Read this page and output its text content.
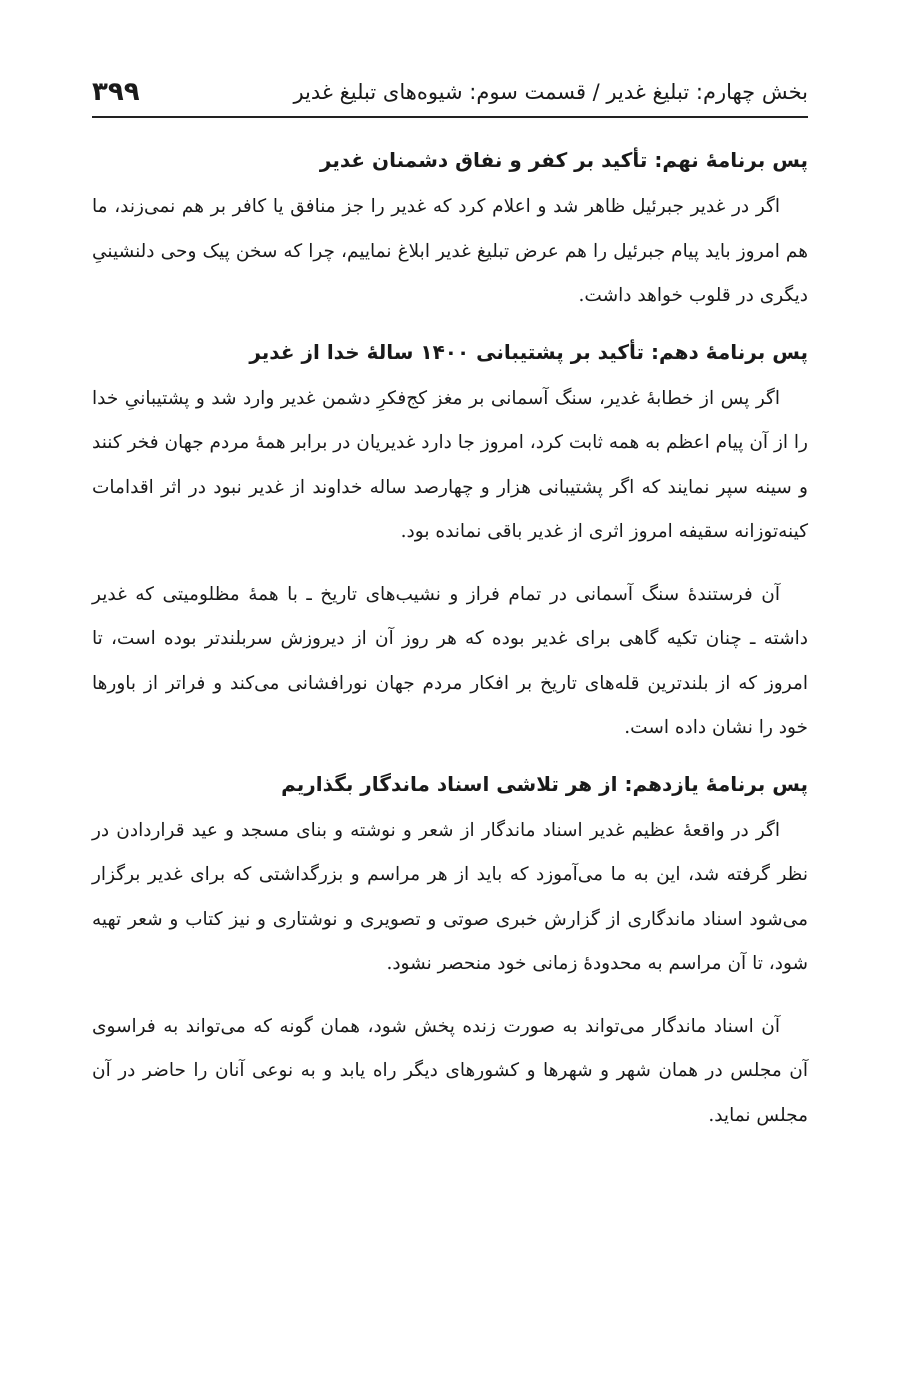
بخش چهارم: تبلیغ غدیر / قسمت سوم: شیوه‌های تبلیغ غدیر
۳۹۹
پس برنامهٔ نهم: تأکید بر کفر و نفاق دشمنان غدیر

اگر در غدیر جبرئیل ظاهر شد و اعلام کرد که غدیر را جز منافق یا کافر بر هم نمی‌زند، ما هم امروز باید پیام جبرئیل را هم عرض تبلیغ غدیر ابلاغ نماییم، چرا که سخن پیک وحی دلنشینیِ دیگری در قلوب خواهد داشت.

پس برنامهٔ دهم: تأکید بر پشتیبانی ۱۴۰۰ سالهٔ خدا از غدیر

اگر پس از خطابهٔ غدیر، سنگ آسمانی بر مغز کج‌فکرِ دشمن غدیر وارد شد و پشتیبانیِ خدا را از آن پیام اعظم به همه ثابت کرد، امروز جا دارد غدیریان در برابر همهٔ مردم جهان فخر کنند و سینه سپر نمایند که اگر پشتیبانی هزار و چهارصد ساله خداوند از غدیر نبود در اثر اقدامات کینه‌توزانه سقیفه امروز اثری از غدیر باقی نمانده بود.

آن فرستندهٔ سنگ آسمانی در تمام فراز و نشیب‌های تاریخ ـ با همهٔ مظلومیتی که غدیر داشته ـ چنان تکیه گاهی برای غدیر بوده که هر روز آن از دیروزش سربلندتر بوده است، تا امروز که از بلندترین قله‌های تاریخ بر افکار مردم جهان نورافشانی می‌کند و فراتر از باورها خود را نشان داده است.

پس برنامهٔ یازدهم: از هر تلاشی اسناد ماندگار بگذاریم

اگر در واقعهٔ عظیم غدیر اسناد ماندگار از شعر و نوشته و بنای مسجد و عید قراردادن در نظر گرفته شد، این به ما می‌آموزد که باید از هر مراسم و بزرگداشتی که برای غدیر برگزار می‌شود اسناد ماندگاری از گزارش خبری صوتی و تصویری و نوشتاری و نیز کتاب و شعر تهیه شود، تا آن مراسم به محدودهٔ زمانی خود منحصر نشود.

آن اسناد ماندگار می‌تواند به صورت زنده پخش شود، همان گونه که می‌تواند به فراسوی آن مجلس در همان شهر و شهرها و کشورهای دیگر راه یابد و به نوعی آنان را حاضر در آن مجلس نماید.
